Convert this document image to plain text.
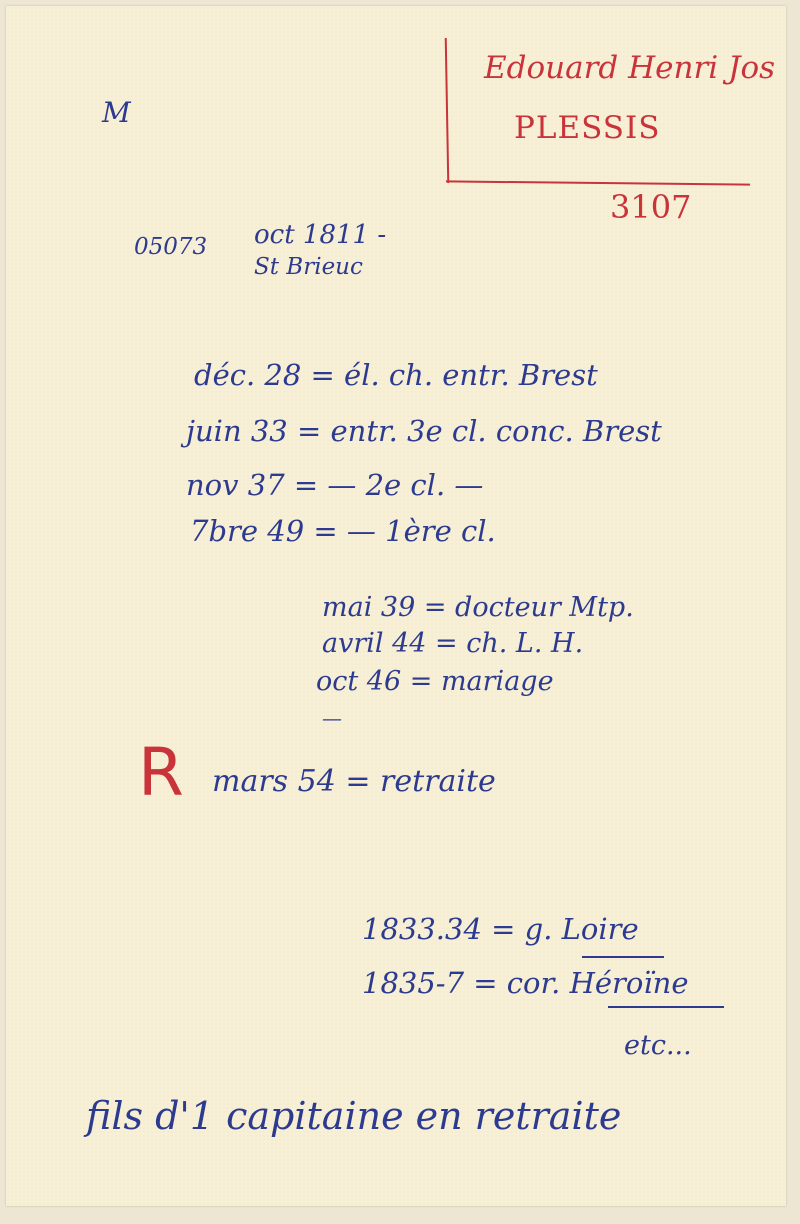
Edouard Henri Jos
PLESSIS
3107
M
05073 oct 1811 -
St Brieuc
déc. 28 = él. ch. entr. Brest
juin 33 = entr. 3e cl. conc. Brest
nov 37 = — 2e cl. —
7bre 49 = — 1ère cl.
mai 39 = docteur Mtp.
avril 44 = ch. L. H.
oct 46 = mariage
—
R mars 54 = retraite
1833.34 = g. Loire
1835-7 = cor. Héroïne
etc...
fils d'1 capitaine en retraite
